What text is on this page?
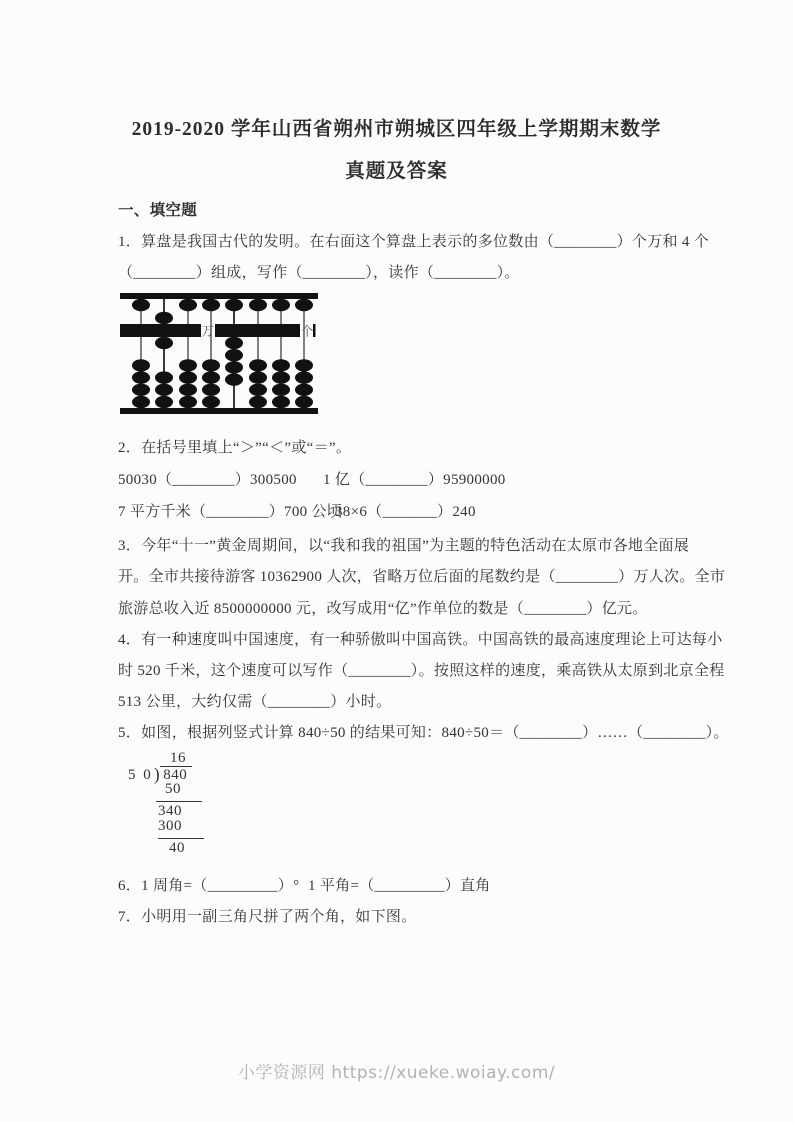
2019-2020 学年山西省朔州市朔城区四年级上学期期末数学
真题及答案
一、填空题
1．算盘是我国古代的发明。在右面这个算盘上表示的多位数由（________）个万和 4 个
（________）组成，写作（________），读作（________）。
万	个
2．在括号里填上“＞”“＜”或“＝”。
50030（________）300500 1 亿（________）95900000
7 平方千米（________）700 公顷
38×6（_______）240
3．今年“十一”黄金周期间，以“我和我的祖国”为主题的特色活动在太原市各地全面展
开。全市共接待游客 10362900 人次，省略万位后面的尾数约是（________）万人次。全市
旅游总收入近 8500000000 元，改写成用“亿”作单位的数是（________）亿元。
4．有一种速度叫中国速度，有一种骄傲叫中国高铁。中国高铁的最高速度理论上可达每小
时 520 千米，这个速度可以写作（________）。按照这样的速度，乘高铁从太原到北京全程
513 公里，大约仅需（________）小时。
5．如图，根据列竖式计算 840÷50 的结果可知：840÷50＝（________）……（________）。
16
5 0) 840
50
340
300
40
6．1 周角=（_________）° 1 平角=（_________）直角
7．小明用一副三角尺拼了两个角，如下图。
小学资源网 https://xueke.woiay.com/
